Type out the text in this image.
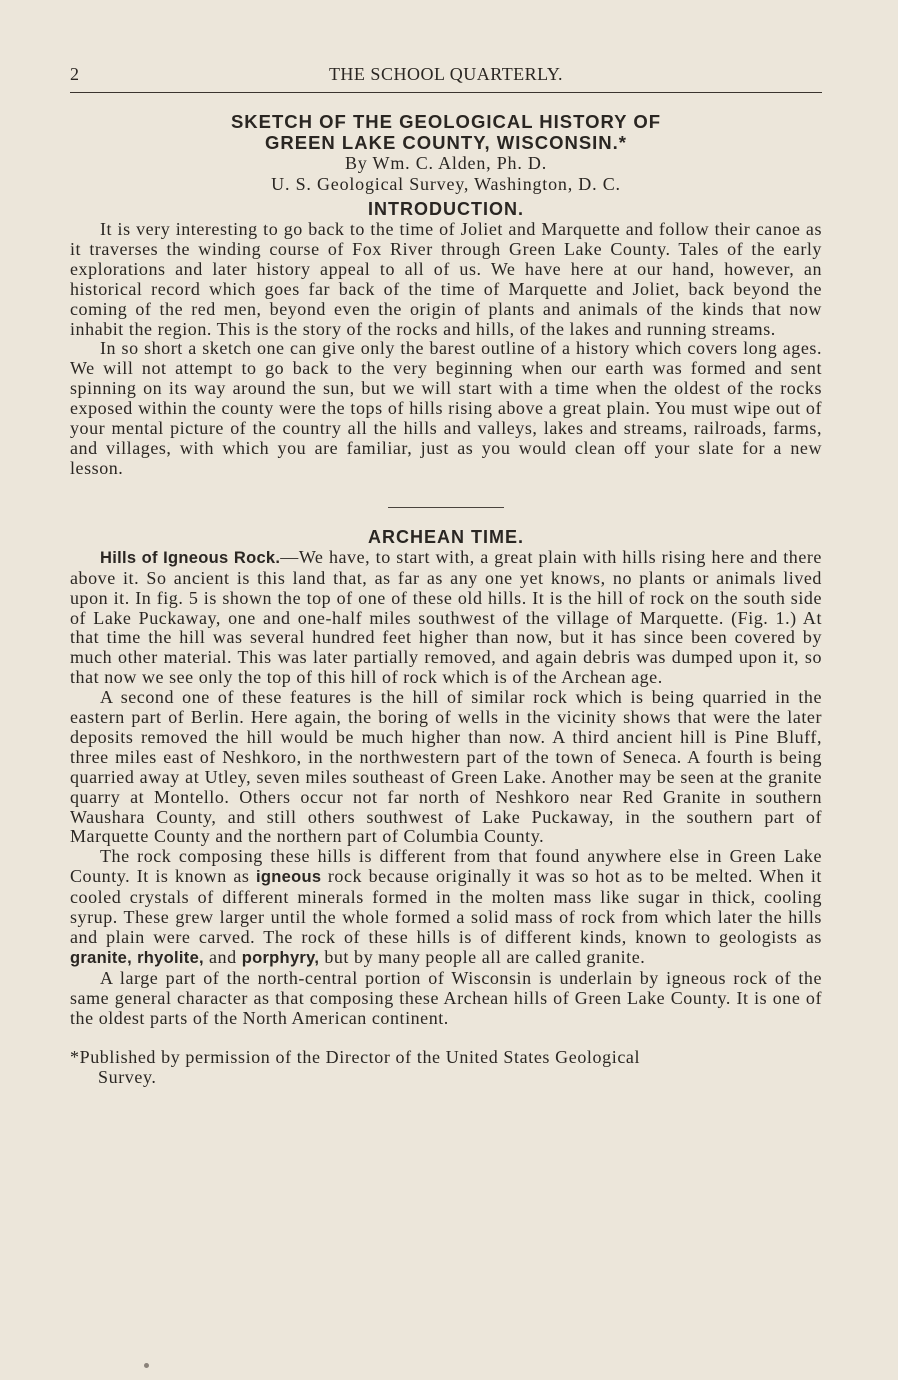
2	THE SCHOOL QUARTERLY.
SKETCH OF THE GEOLOGICAL HISTORY OF
GREEN LAKE COUNTY, WISCONSIN.*
By Wm. C. Alden, Ph. D.
U. S. Geological Survey, Washington, D. C.
INTRODUCTION.

It is very interesting to go back to the time of Joliet and Marquette and follow their canoe as it traverses the winding course of Fox River through Green Lake County. Tales of the early explorations and later history appeal to all of us. We have here at our hand, however, an historical record which goes far back of the time of Marquette and Joliet, back beyond the coming of the red men, beyond even the origin of plants and animals of the kinds that now inhabit the region. This is the story of the rocks and hills, of the lakes and running streams.

In so short a sketch one can give only the barest outline of a history which covers long ages. We will not attempt to go back to the very beginning when our earth was formed and sent spinning on its way around the sun, but we will start with a time when the oldest of the rocks exposed within the county were the tops of hills rising above a great plain. You must wipe out of your mental picture of the country all the hills and valleys, lakes and streams, railroads, farms, and villages, with which you are familiar, just as you would clean off your slate for a new lesson.

ARCHEAN TIME.

Hills of Igneous Rock.—We have, to start with, a great plain with hills rising here and there above it. So ancient is this land that, as far as any one yet knows, no plants or animals lived upon it. In fig. 5 is shown the top of one of these old hills. It is the hill of rock on the south side of Lake Puckaway, one and one-half miles southwest of the village of Marquette. (Fig. 1.) At that time the hill was several hundred feet higher than now, but it has since been covered by much other material. This was later partially removed, and again debris was dumped upon it, so that now we see only the top of this hill of rock which is of the Archean age.

A second one of these features is the hill of similar rock which is being quarried in the eastern part of Berlin. Here again, the boring of wells in the vicinity shows that were the later deposits removed the hill would be much higher than now. A third ancient hill is Pine Bluff, three miles east of Neshkoro, in the northwestern part of the town of Seneca. A fourth is being quarried away at Utley, seven miles southeast of Green Lake. Another may be seen at the granite quarry at Montello. Others occur not far north of Neshkoro near Red Granite in southern Waushara County, and still others southwest of Lake Puckaway, in the southern part of Marquette County and the northern part of Columbia County.

The rock composing these hills is different from that found anywhere else in Green Lake County. It is known as igneous rock because originally it was so hot as to be melted. When it cooled crystals of different minerals formed in the molten mass like sugar in thick, cooling syrup. These grew larger until the whole formed a solid mass of rock from which later the hills and plain were carved. The rock of these hills is of different kinds, known to geologists as granite, rhyolite, and porphyry, but by many people all are called granite.

A large part of the north-central portion of Wisconsin is underlain by igneous rock of the same general character as that composing these Archean hills of Green Lake County. It is one of the oldest parts of the North American continent.

*Published by permission of the Director of the United States Geological
Survey.
